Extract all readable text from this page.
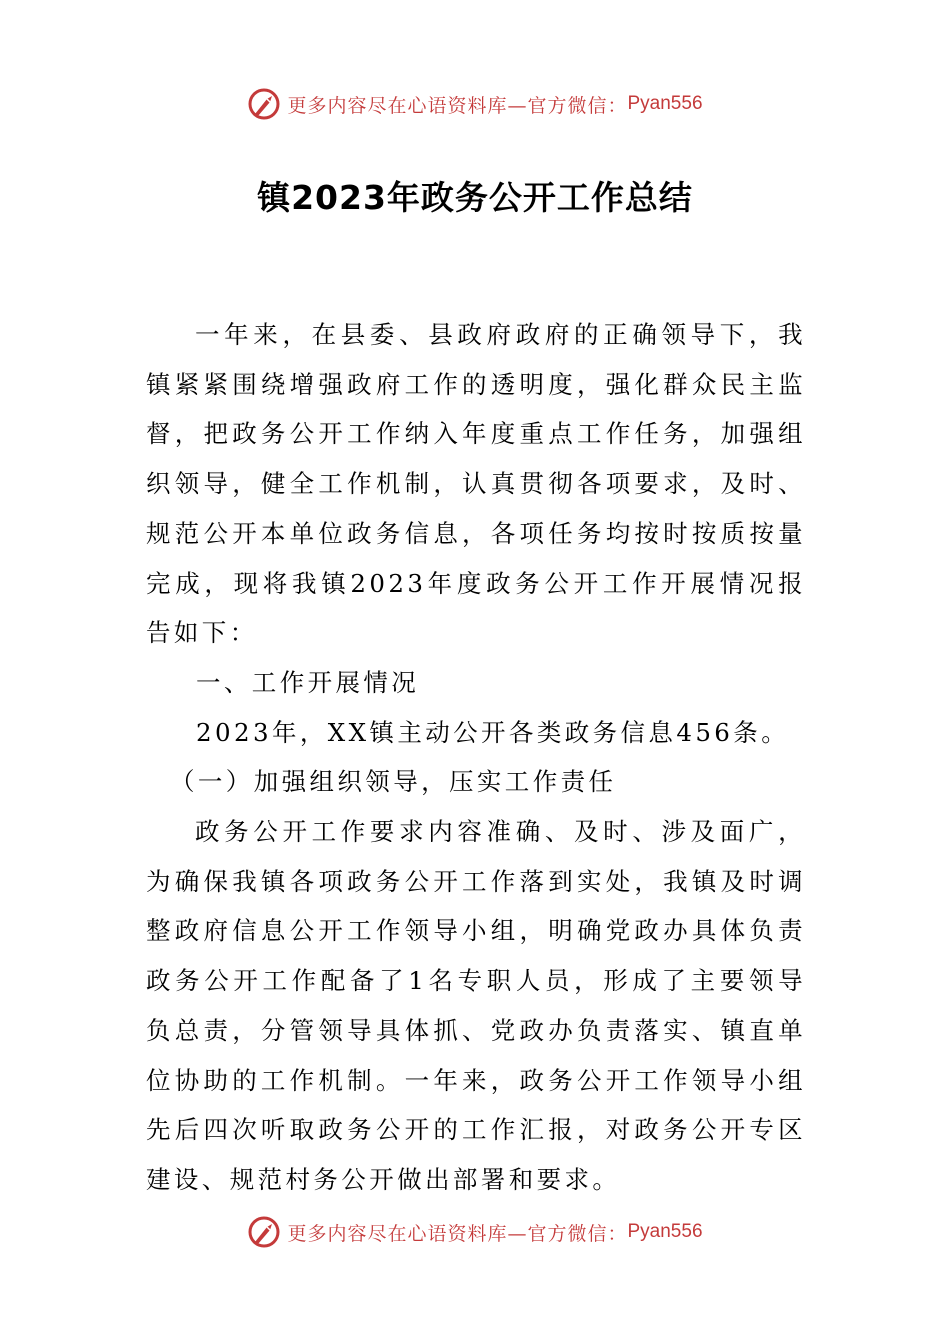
更多内容尽在心语资料库—官方微信： Pyan556
镇2023年政务公开工作总结

一年来，在县委、县政府政府的正确领导下，我镇紧紧围绕增强政府工作的透明度，强化群众民主监督，把政务公开工作纳入年度重点工作任务，加强组织领导，健全工作机制，认真贯彻各项要求，及时、规范公开本单位政务信息，各项任务均按时按质按量完成，现将我镇2023年度政务公开工作开展情况报告如下：

一、工作开展情况

2023年，XX镇主动公开各类政务信息456条。

（一）加强组织领导，压实工作责任

政务公开工作要求内容准确、及时、涉及面广，为确保我镇各项政务公开工作落到实处，我镇及时调整政府信息公开工作领导小组，明确党政办具体负责政务公开工作配备了1名专职人员，形成了主要领导负总责，分管领导具体抓、党政办负责落实、镇直单位协助的工作机制。一年来，政务公开工作领导小组先后四次听取政务公开的工作汇报，对政务公开专区建设、规范村务公开做出部署和要求。

更多内容尽在心语资料库—官方微信： Pyan556
